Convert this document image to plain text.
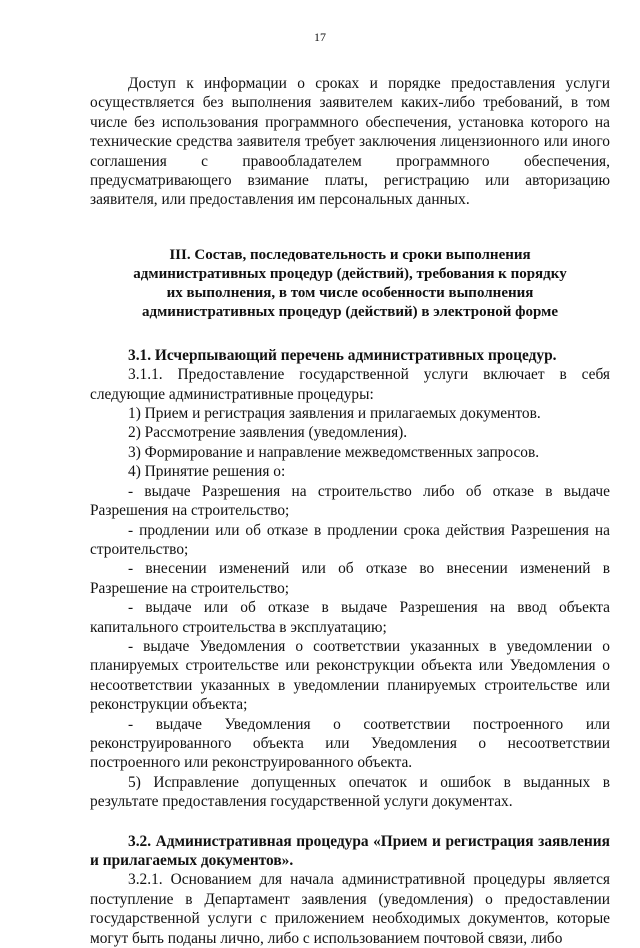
17

Доступ к информации о сроках и порядке предоставления услуги осуществляется без выполнения заявителем каких-либо требований, в том числе без использования программного обеспечения, установка которого на технические средства заявителя требует заключения лицензионного или иного соглашения с правообладателем программного обеспечения, предусматривающего взимание платы, регистрацию или авторизацию заявителя, или предоставления им персональных данных.

III. Состав, последовательность и сроки выполнения
административных процедур (действий), требования к порядку
их выполнения, в том числе особенности выполнения
административных процедур (действий) в электроной форме

3.1. Исчерпывающий перечень административных процедур.

3.1.1. Предоставление государственной услуги включает в себя следующие административные процедуры:

1) Прием и регистрация заявления и прилагаемых документов.

2) Рассмотрение заявления (уведомления).

3) Формирование и направление межведомственных запросов.

4) Принятие решения о:

- выдаче Разрешения на строительство либо об отказе в выдаче Разрешения на строительство;

- продлении или об отказе в продлении срока действия Разрешения на строительство;

- внесении изменений или об отказе во внесении изменений в Разрешение на строительство;

- выдаче или об отказе в выдаче Разрешения на ввод объекта капитального строительства в эксплуатацию;

- выдаче Уведомления о соответствии указанных в уведомлении о планируемых строительстве или реконструкции объекта или Уведомления о несоответствии указанных в уведомлении планируемых строительстве или реконструкции объекта;

- выдаче Уведомления о соответствии построенного или реконструированного объекта или Уведомления о несоответствии построенного или реконструированного объекта.

5) Исправление допущенных опечаток и ошибок в выданных в результате предоставления государственной услуги документах.

3.2. Административная процедура «Прием и регистрация заявления и прилагаемых документов».

3.2.1. Основанием для начала административной процедуры является поступление в Департамент заявления (уведомления) о предоставлении государственной услуги с приложением необходимых документов, которые могут быть поданы лично, либо с использованием почтовой связи, либо
